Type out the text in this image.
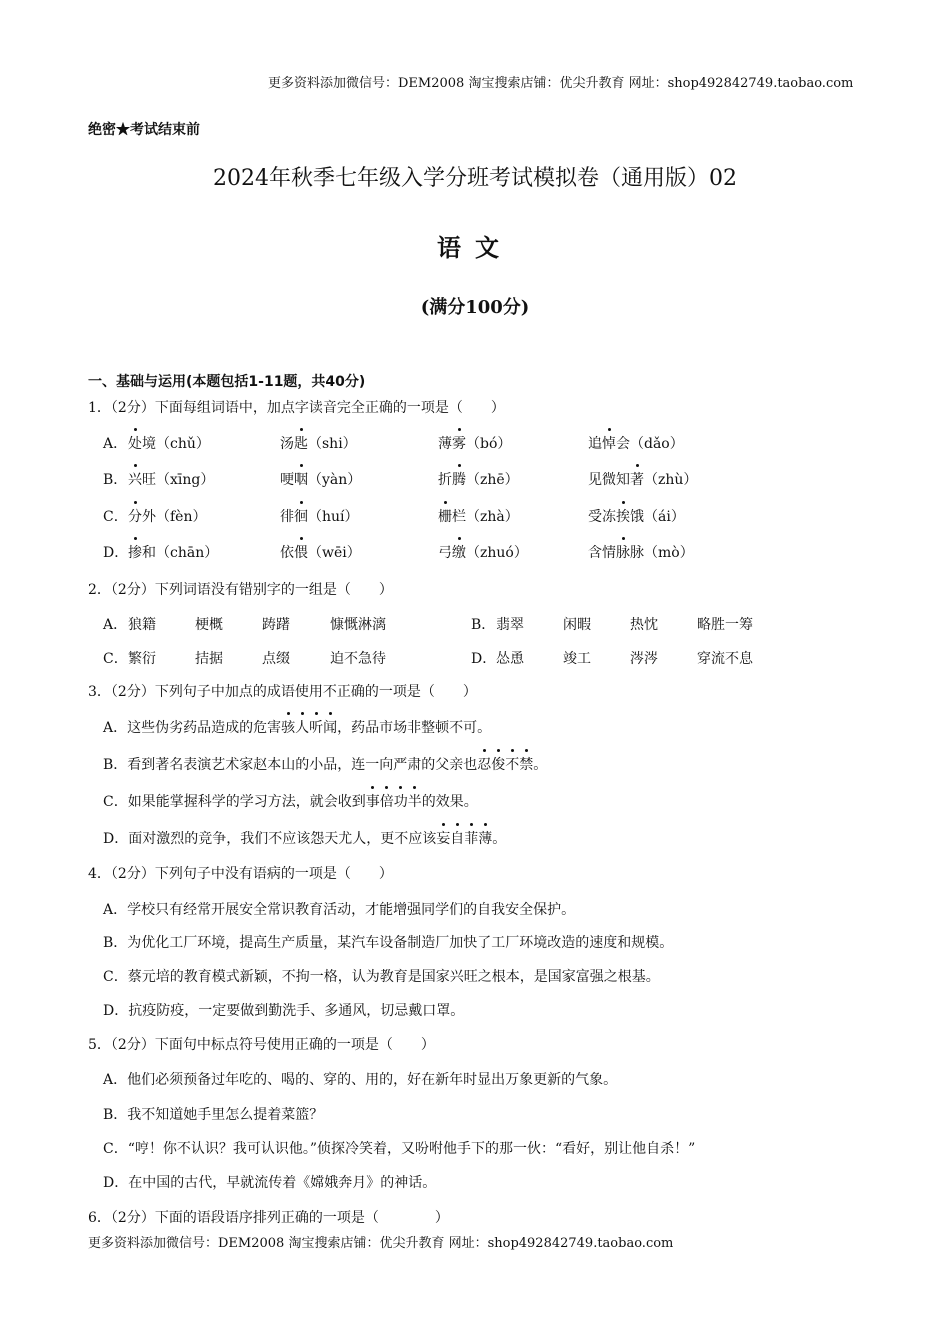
更多资料添加微信号：DEM2008 淘宝搜索店铺：优尖升教育 网址：shop492842749.taobao.com
绝密★考试结束前
2024年秋季七年级入学分班考试模拟卷（通用版）02
语文
(满分100分)
一、基础与运用(本题包括1-11题，共40分)
1．（2分）下面每组词语中，加点字读音完全正确的一项是（　　）
A． 处境（chǔ）	汤匙（shi）	薄雾（bó）	追悼会（dǎo）
B． 兴旺（xīng）	哽咽（yàn）	折腾（zhē）	见微知著（zhù）
C． 分外（fèn）	徘徊（huí）	栅栏（zhà）	受冻挨饿（ái）
D． 掺和（chān）	依偎（wēi）	弓缴（zhuó）	含情脉脉（mò）
2．（2分）下列词语没有错别字的一组是（　　）
A． 狼籍	梗概	踌躇	慷慨淋漓	B． 翡翠	闲暇	热忱	略胜一筹
C． 繁衍	拮据	点缀	迫不急待	D． 怂恿	竣工	涔涔	穿流不息
3．（2分）下列句子中加点的成语使用不正确的一项是（　　）
A．这些伪劣药品造成的危害骇人听闻，药品市场非整顿不可。
B．看到著名表演艺术家赵本山的小品，连一向严肃的父亲也忍俊不禁。
C．如果能掌握科学的学习方法，就会收到事倍功半的效果。
D．面对激烈的竞争，我们不应该怨天尤人，更不应该妄自菲薄。
4．（2分）下列句子中没有语病的一项是（　　）
A．学校只有经常开展安全常识教育活动，才能增强同学们的自我安全保护。
B．为优化工厂环境，提高生产质量，某汽车设备制造厂加快了工厂环境改造的速度和规模。
C．蔡元培的教育模式新颖，不拘一格，认为教育是国家兴旺之根本，是国家富强之根基。
D．抗疫防疫，一定要做到勤洗手、多通风，切忌戴口罩。
5．（2分）下面句中标点符号使用正确的一项是（　　）
A．他们必须预备过年吃的、喝的、穿的、用的，好在新年时显出万象更新的气象。
B．我不知道她手里怎么提着菜篮？
C．“哼！你不认识？我可认识他。”侦探冷笑着，又吩咐他手下的那一伙：“看好，别让他自杀！”
D．在中国的古代，早就流传着《嫦娥奔月》的神话。
6．（2分）下面的语段语序排列正确的一项是（　　　　）
更多资料添加微信号：DEM2008 淘宝搜索店铺：优尖升教育 网址：shop492842749.taobao.com
